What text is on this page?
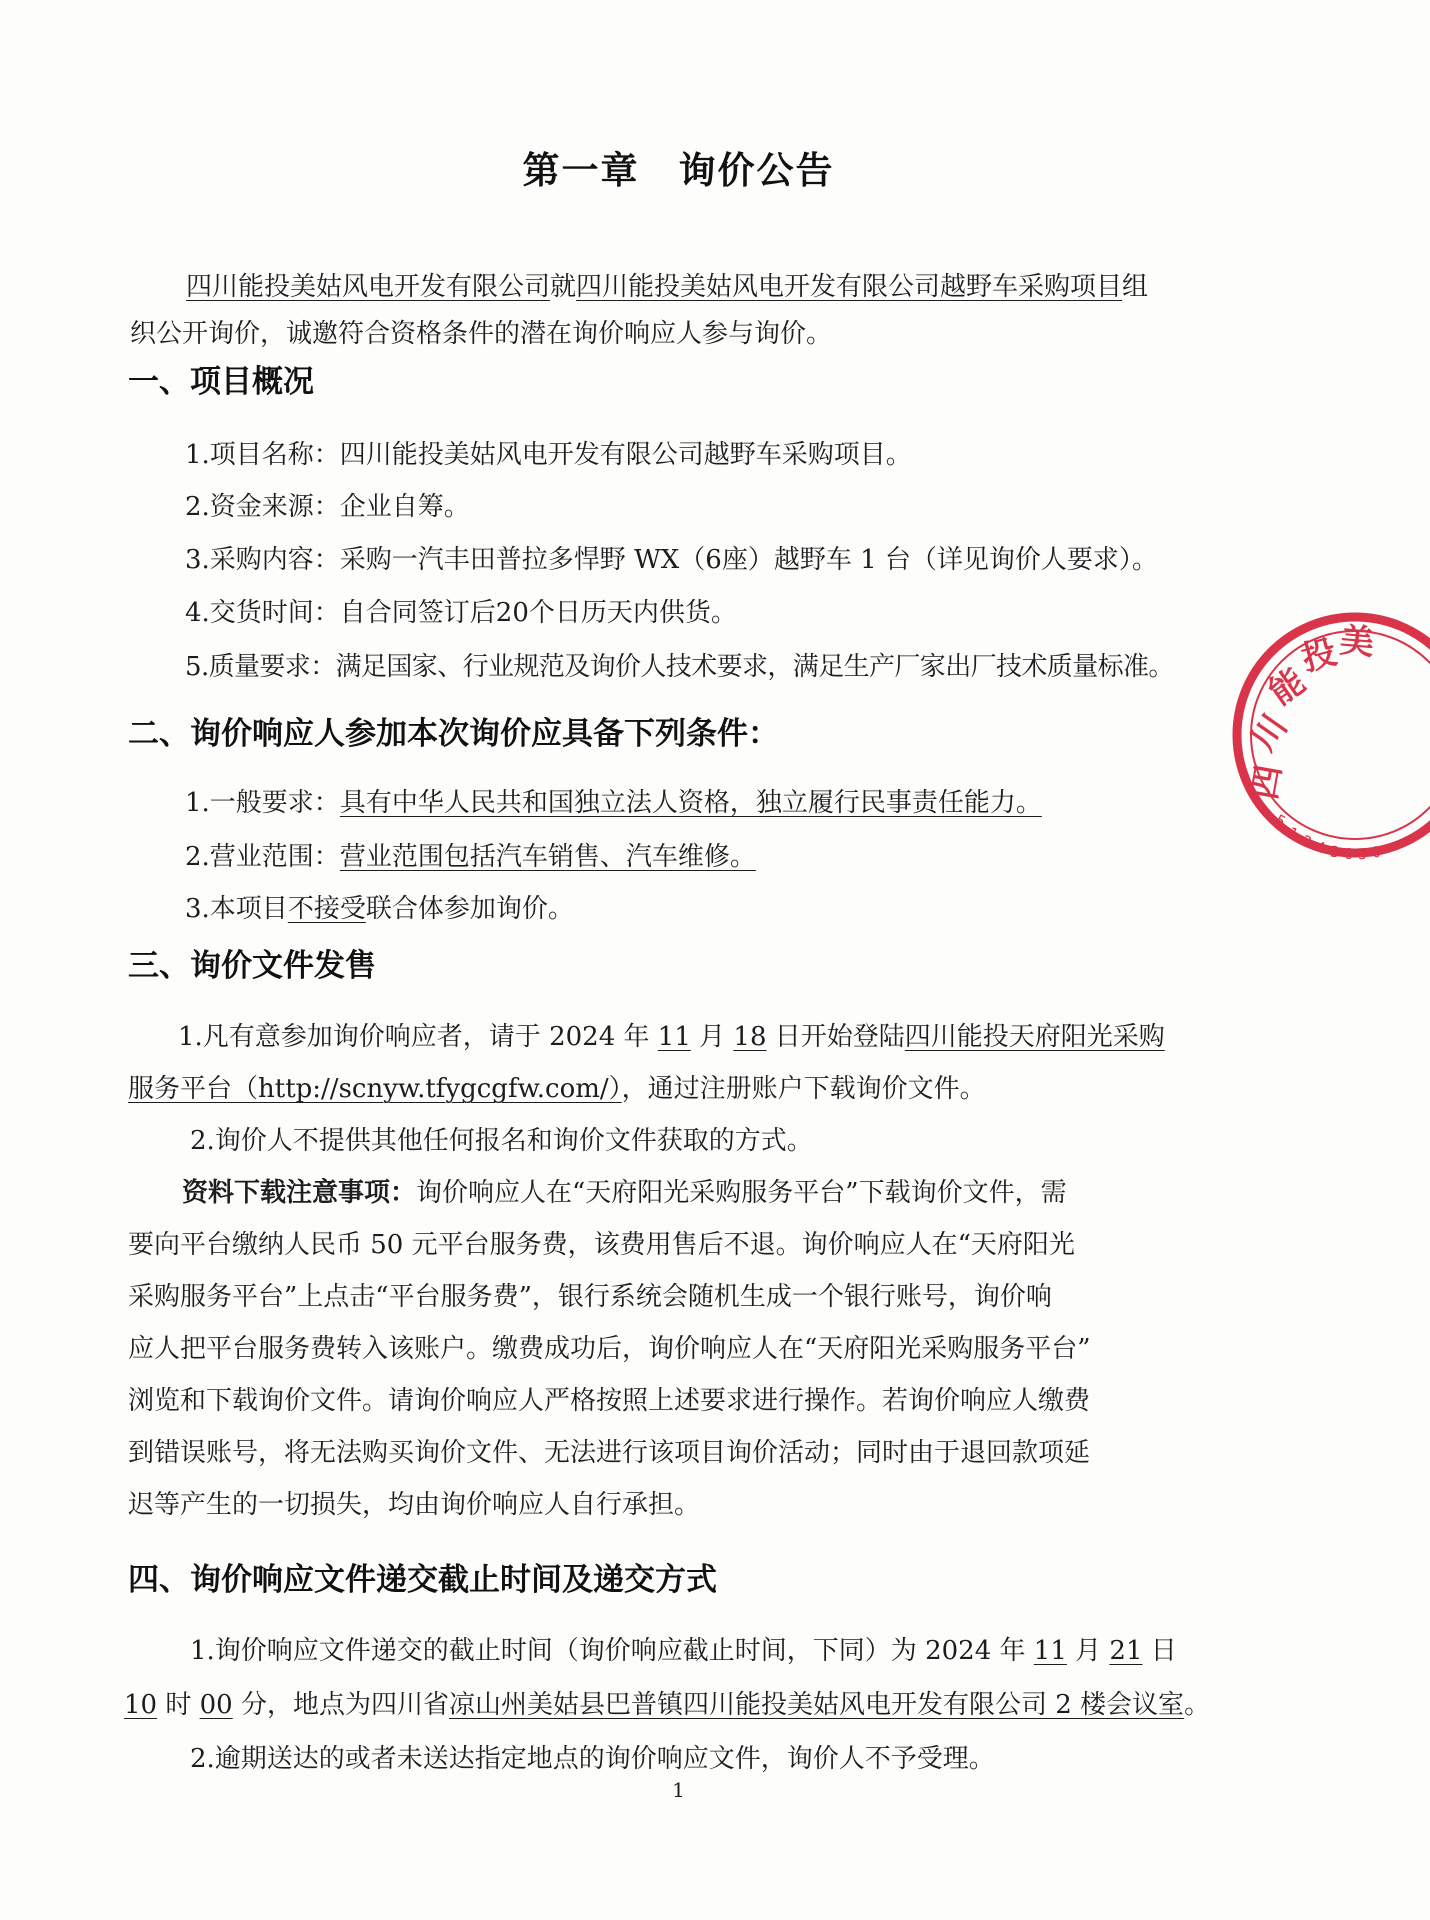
第一章　询价公告
四川能投美姑风电开发有限公司就四川能投美姑风电开发有限公司越野车采购项目组
织公开询价，诚邀符合资格条件的潜在询价响应人参与询价。
一、项目概况
1.项目名称：四川能投美姑风电开发有限公司越野车采购项目。
2.资金来源：企业自筹。
3.采购内容：采购一汽丰田普拉多悍野 WX（6座）越野车 1 台（详见询价人要求）。
4.交货时间：自合同签订后20个日历天内供货。
5.质量要求：满足国家、行业规范及询价人技术要求，满足生产厂家出厂技术质量标准。
二、询价响应人参加本次询价应具备下列条件：
1.一般要求：具有中华人民共和国独立法人资格，独立履行民事责任能力。
2.营业范围：营业范围包括汽车销售、汽车维修。
3.本项目不接受联合体参加询价。
三、询价文件发售
1.凡有意参加询价响应者，请于 2024 年 11 月 18 日开始登陆四川能投天府阳光采购
服务平台（http://scnyw.tfygcgfw.com/），通过注册账户下载询价文件。
2.询价人不提供其他任何报名和询价文件获取的方式。
资料下载注意事项：询价响应人在“天府阳光采购服务平台”下载询价文件，需
要向平台缴纳人民币 50 元平台服务费，该费用售后不退。询价响应人在“天府阳光
采购服务平台”上点击“平台服务费”，银行系统会随机生成一个银行账号，询价响
应人把平台服务费转入该账户。缴费成功后，询价响应人在“天府阳光采购服务平台”
浏览和下载询价文件。请询价响应人严格按照上述要求进行操作。若询价响应人缴费
到错误账号，将无法购买询价文件、无法进行该项目询价活动；同时由于退回款项延
迟等产生的一切损失，均由询价响应人自行承担。
四、询价响应文件递交截止时间及递交方式
1.询价响应文件递交的截止时间（询价响应截止时间，下同）为 2024 年 11 月 21 日
10 时 00 分，地点为四川省凉山州美姑县巴普镇四川能投美姑风电开发有限公司 2 楼会议室。
2.逾期送达的或者未送达指定地点的询价响应文件，询价人不予受理。
1
四
川
能
投
美
5
1
3 4 3 6 5 0
